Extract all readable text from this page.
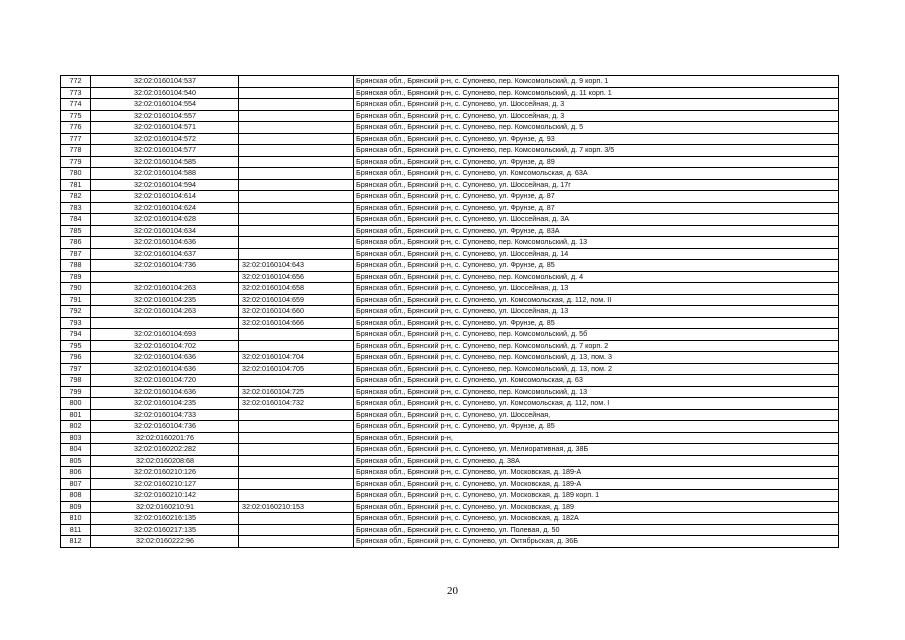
772	32:02:0160104:537		Брянская обл., Брянский р-н, с. Супонево, пер. Комсомольский, д. 9 корп. 1
773	32:02:0160104:540		Брянская обл., Брянский р-н, с. Супонево, пер. Комсомольский, д. 11 корп. 1
774	32:02:0160104:554		Брянская обл., Брянский р-н, с. Супонево, ул. Шоссейная, д. 3
775	32:02:0160104:557		Брянская обл., Брянский р-н, с. Супонево, ул. Шоссейная, д. 3
776	32:02:0160104:571		Брянская обл., Брянский р-н, с. Супонево, пер. Комсомольский, д. 5
777	32:02:0160104:572		Брянская обл., Брянский р-н, с. Супонево, ул. Фрунзе, д. 93
778	32:02:0160104:577		Брянская обл., Брянский р-н, с. Супонево, пер. Комсомольский, д. 7 корп. 3/5
779	32:02:0160104:585		Брянская обл., Брянский р-н, с. Супонево, ул. Фрунзе, д. 89
780	32:02:0160104:588		Брянская обл., Брянский р-н, с. Супонево, ул. Комсомольская, д. 63А
781	32:02:0160104:594		Брянская обл., Брянский р-н, с. Супонево, ул. Шоссейная, д. 17г
782	32:02:0160104:614		Брянская обл., Брянский р-н, с. Супонево, ул. Фрунзе, д. 87
783	32:02:0160104:624		Брянская обл., Брянский р-н, с. Супонево, ул. Фрунзе, д. 87
784	32:02:0160104:628		Брянская обл., Брянский р-н, с. Супонево, ул. Шоссейная, д. 3А
785	32:02:0160104:634		Брянская обл., Брянский р-н, с. Супонево, ул. Фрунзе, д. 83А
786	32:02:0160104:636		Брянская обл., Брянский р-н, с. Супонево, пер. Комсомольский, д. 13
787	32:02:0160104:637		Брянская обл., Брянский р-н, с. Супонево, ул. Шоссейная, д. 14
788	32:02:0160104:736	32:02:0160104:643	Брянская обл., Брянский р-н, с. Супонево, ул. Фрунзе, д. 85
789		32:02:0160104:656	Брянская обл., Брянский р-н, с. Супонево, пер. Комсомольский, д. 4
790	32:02:0160104:263	32:02:0160104:658	Брянская обл., Брянский р-н, с. Супонево, ул. Шоссейная, д. 13
791	32:02:0160104:235	32:02:0160104:659	Брянская обл., Брянский р-н, с. Супонево, ул. Комсомольская, д. 112, пом. II
792	32:02:0160104:263	32:02:0160104:660	Брянская обл., Брянский р-н, с. Супонево, ул. Шоссейная, д. 13
793		32:02:0160104:666	Брянская обл., Брянский р-н, с. Супонево, ул. Фрунзе, д. 85
794	32:02:0160104:693		Брянская обл., Брянский р-н, с. Супонево, пер. Комсомольский, д. 5б
795	32:02:0160104:702		Брянская обл., Брянский р-н, с. Супонево, пер. Комсомольский, д. 7 корп. 2
796	32:02:0160104:636	32:02:0160104:704	Брянская обл., Брянский р-н, с. Супонево, пер. Комсомольский, д. 13, пом. 3
797	32:02:0160104:636	32:02:0160104:705	Брянская обл., Брянский р-н, с. Супонево, пер. Комсомольский, д. 13, пом. 2
798	32:02:0160104:720		Брянская обл., Брянский р-н, с. Супонево, ул. Комсомольская, д. 63
799	32:02:0160104:636	32:02:0160104:725	Брянская обл., Брянский р-н, с. Супонево, пер. Комсомольский, д. 13
800	32:02:0160104:235	32:02:0160104:732	Брянская обл., Брянский р-н, с. Супонево, ул. Комсомольская, д. 112, пом. I
801	32:02:0160104:733		Брянская обл., Брянский р-н, с. Супонево, ул. Шоссейная,
802	32:02:0160104:736		Брянская обл., Брянский р-н, с. Супонево, ул. Фрунзе, д. 85
803	32:02:0160201:76		Брянская обл., Брянский р-н,
804	32:02:0160202:282		Брянская обл., Брянский р-н, с. Супонево, ул. Мелиоративная, д. 38Б
805	32:02:0160208:68		Брянская обл., Брянский р-н, с. Супонево, д. 38А
806	32:02:0160210:126		Брянская обл., Брянский р-н, с. Супонево, ул. Московская, д. 189-А
807	32:02:0160210:127		Брянская обл., Брянский р-н, с. Супонево, ул. Московская, д. 189-А
808	32:02:0160210:142		Брянская обл., Брянский р-н, с. Супонево, ул. Московская, д. 189 корп. 1
809	32:02:0160210:91	32:02:0160210:153	Брянская обл., Брянский р-н, с. Супонево, ул. Московская, д. 189
810	32:02:0160216:135		Брянская обл., Брянский р-н, с. Супонево, ул. Московская, д. 182А
811	32:02:0160217:135		Брянская обл., Брянский р-н, с. Супонево, ул. Полевая, д. 50
812	32:02:0160222:96		Брянская обл., Брянский р-н, с. Супонево, ул. Октябрьская, д. 36Б
20
